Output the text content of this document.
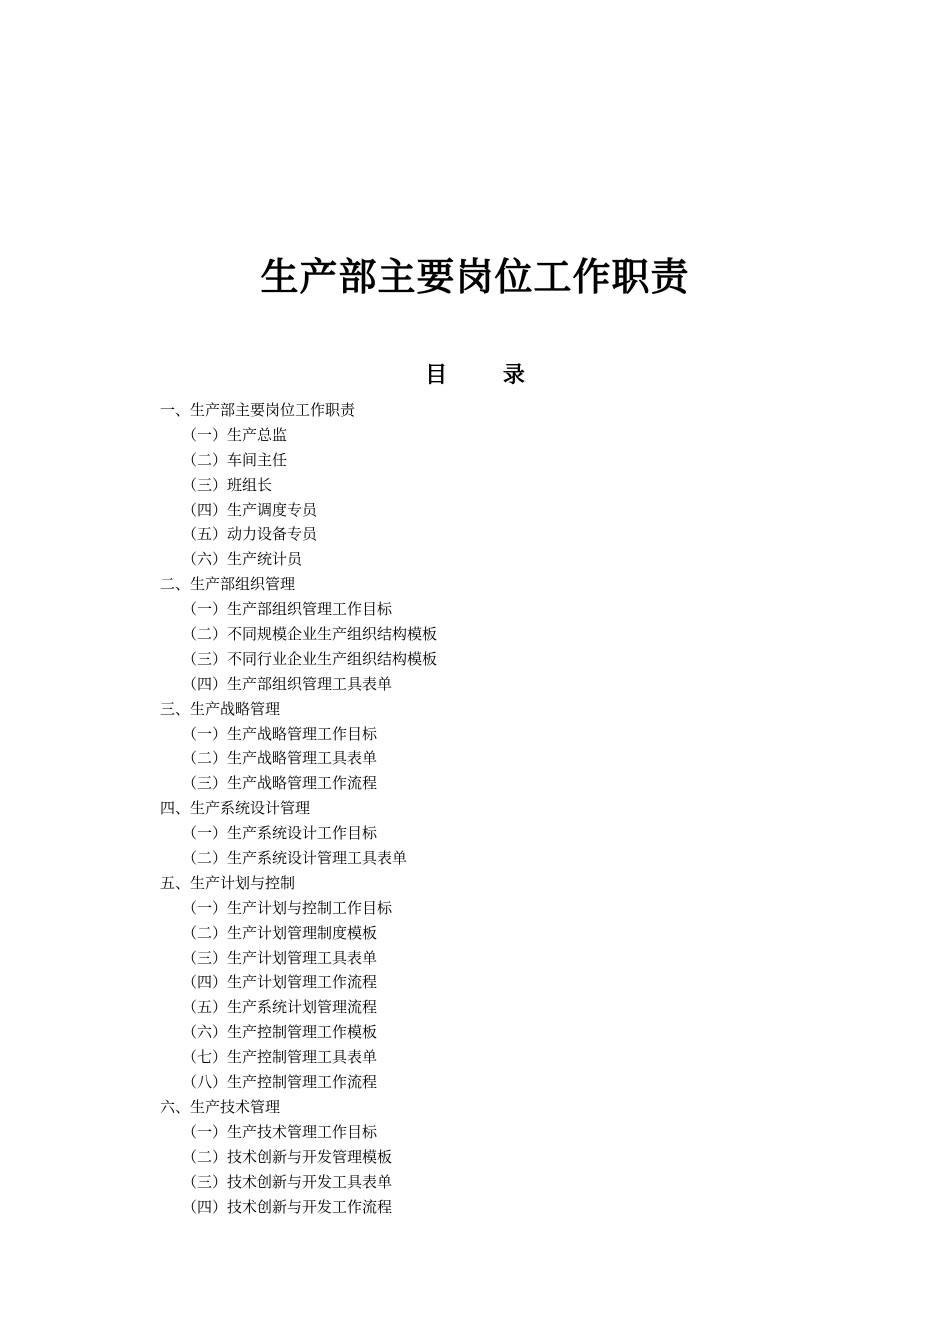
生产部主要岗位工作职责
目 录
一、生产部主要岗位工作职责
（一）生产总监
（二）车间主任
（三）班组长
（四）生产调度专员
（五）动力设备专员
（六）生产统计员
二、生产部组织管理
（一）生产部组织管理工作目标
（二）不同规模企业生产组织结构模板
（三）不同行业企业生产组织结构模板
（四）生产部组织管理工具表单
三、生产战略管理
（一）生产战略管理工作目标
（二）生产战略管理工具表单
（三）生产战略管理工作流程
四、生产系统设计管理
（一）生产系统设计工作目标
（二）生产系统设计管理工具表单
五、生产计划与控制
（一）生产计划与控制工作目标
（二）生产计划管理制度模板
（三）生产计划管理工具表单
（四）生产计划管理工作流程
（五）生产系统计划管理流程
（六）生产控制管理工作模板
（七）生产控制管理工具表单
（八）生产控制管理工作流程
六、生产技术管理
（一）生产技术管理工作目标
（二）技术创新与开发管理模板
（三）技术创新与开发工具表单
（四）技术创新与开发工作流程
